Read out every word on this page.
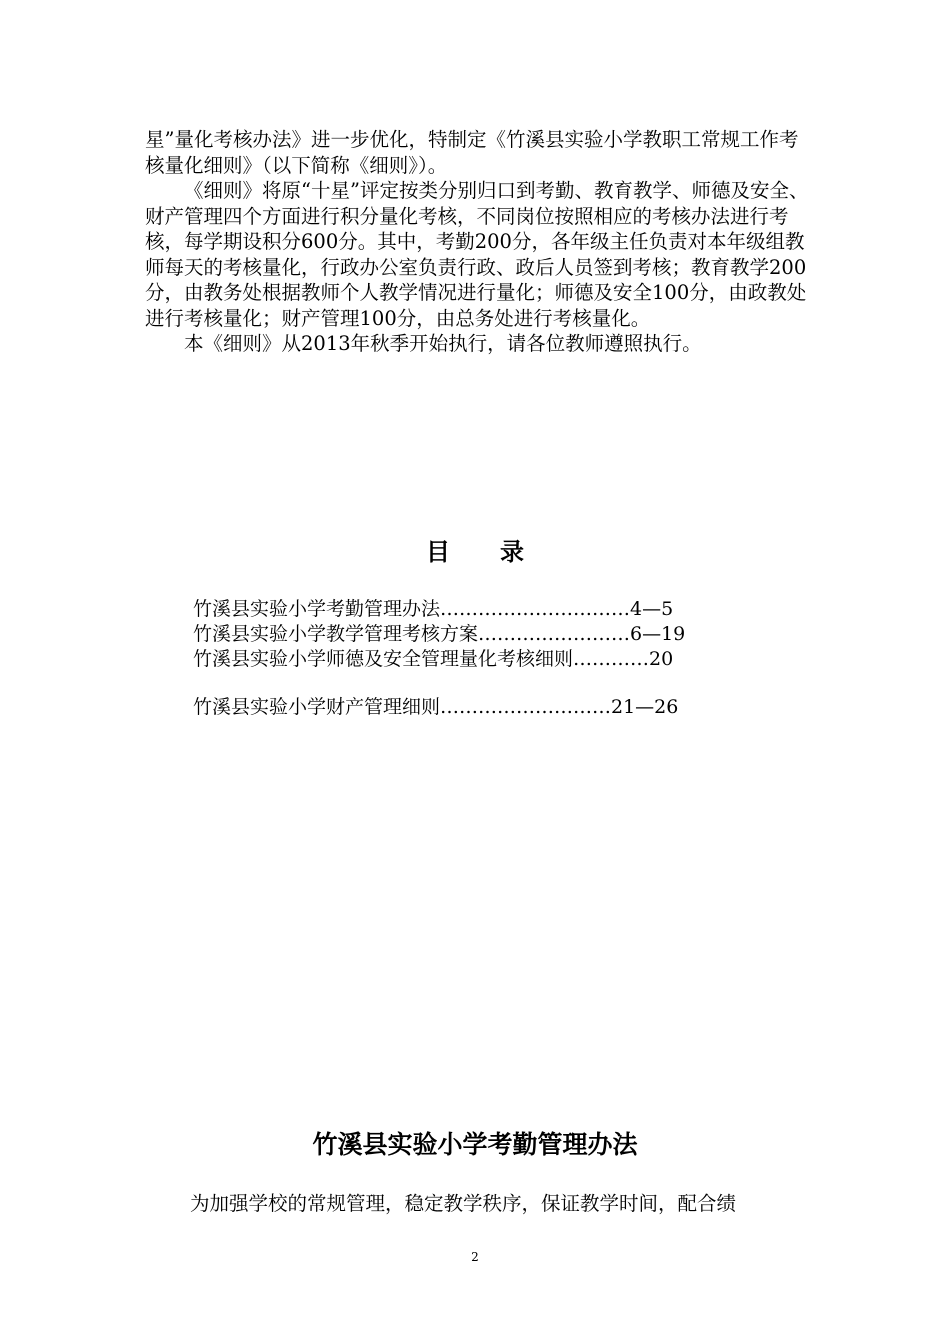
星”量化考核办法》进一步优化，特制定《竹溪县实验小学教职工常规工作考核量化细则》（以下简称《细则》）。

《细则》将原“十星”评定按类分别归口到考勤、教育教学、师德及安全、财产管理四个方面进行积分量化考核，不同岗位按照相应的考核办法进行考核，每学期设积分600分。其中，考勤200分，各年级主任负责对本年级组教师每天的考核量化，行政办公室负责行政、政后人员签到考核；教育教学200分，由教务处根据教师个人教学情况进行量化；师德及安全100分，由政教处进行考核量化；财产管理100分，由总务处进行考核量化。

本《细则》从2013年秋季开始执行，请各位教师遵照执行。

目录
竹溪县实验小学考勤管理办法…………………………4—5
竹溪县实验小学教学管理考核方案……………………6—19
竹溪县实验小学师德及安全管理量化考核细则…………20
竹溪县实验小学财产管理细则………………………21—26
竹溪县实验小学考勤管理办法
为加强学校的常规管理，稳定教学秩序，保证教学时间，配合绩
2
